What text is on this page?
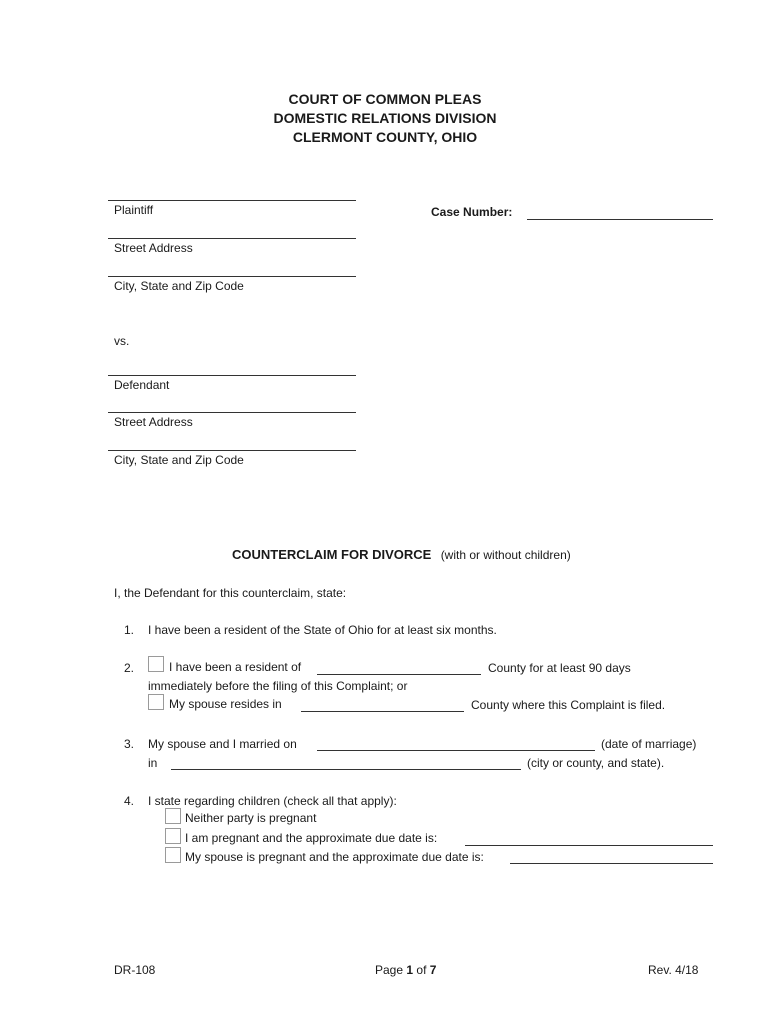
COURT OF COMMON PLEAS
DOMESTIC RELATIONS DIVISION
CLERMONT COUNTY, OHIO
Plaintiff
Street Address
City, State and Zip Code
vs.
Defendant
Street Address
City, State and Zip Code
Case Number:
COUNTERCLAIM FOR DIVORCE (with or without children)
I, the Defendant for this counterclaim, state:
1. I have been a resident of the State of Ohio for at least six months.
2.	I have been a resident of	County for at least 90 days
immediately before the filing of this Complaint; or
My spouse resides in	County where this Complaint is filed.
3. My spouse and I married on	(date of marriage)
in	(city or county, and state).
4. I state regarding children (check all that apply):
Neither party is pregnant
I am pregnant and the approximate due date is:
My spouse is pregnant and the approximate due date is:
DR-108	Page 1 of 7	Rev. 4/18
